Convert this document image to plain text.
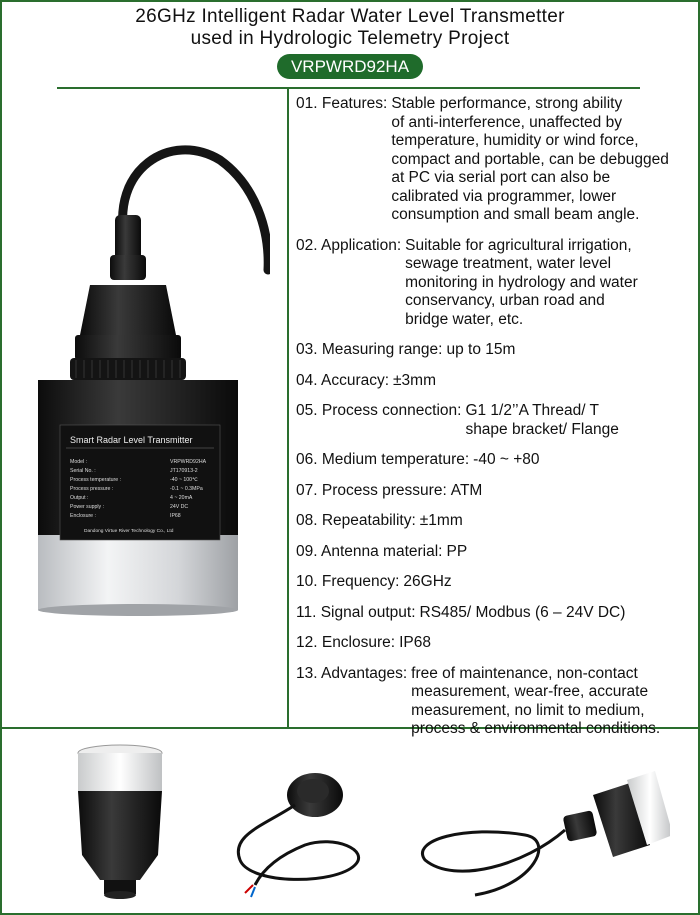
26GHz Intelligent Radar Water Level Transmetter
used in Hydrologic Telemetry Project
VRPWRD92HA
Smart Radar Level Transmitter
Model :	VRPWRD92HA
Serial No. :	JT170913-2
Process temperature :	-40 ~ 100℃
Process pressure :	-0.1 ~ 0.3MPa
Output :	4 ~ 20mA
Power supply :	24V DC
Enclosure :	IP68
Dandong Virtue River Technology Co., Ltd
01. Features: Stable performance, strong ability
of anti-interference, unaffected by
temperature, humidity or wind force,
compact and portable, can be debugged
at PC via serial port can also be
calibrated via programmer, lower
consumption and small beam angle.
02. Application: Suitable for agricultural irrigation,
sewage treatment, water level
monitoring in hydrology and water
conservancy, urban road and
bridge water, etc.
03. Measuring range: up to 15m
04. Accuracy: ±3mm
05. Process connection: G1 1/2’’A Thread/ T
shape bracket/ Flange
06. Medium temperature: -40 ~ +80
07. Process pressure: ATM
08. Repeatability: ±1mm
09. Antenna material: PP
10. Frequency: 26GHz
11. Signal output: RS485/ Modbus (6 – 24V DC)
12. Enclosure: IP68
13. Advantages: free of maintenance, non-contact
measurement, wear-free, accurate
measurement, no limit to medium,
process & environmental conditions.
